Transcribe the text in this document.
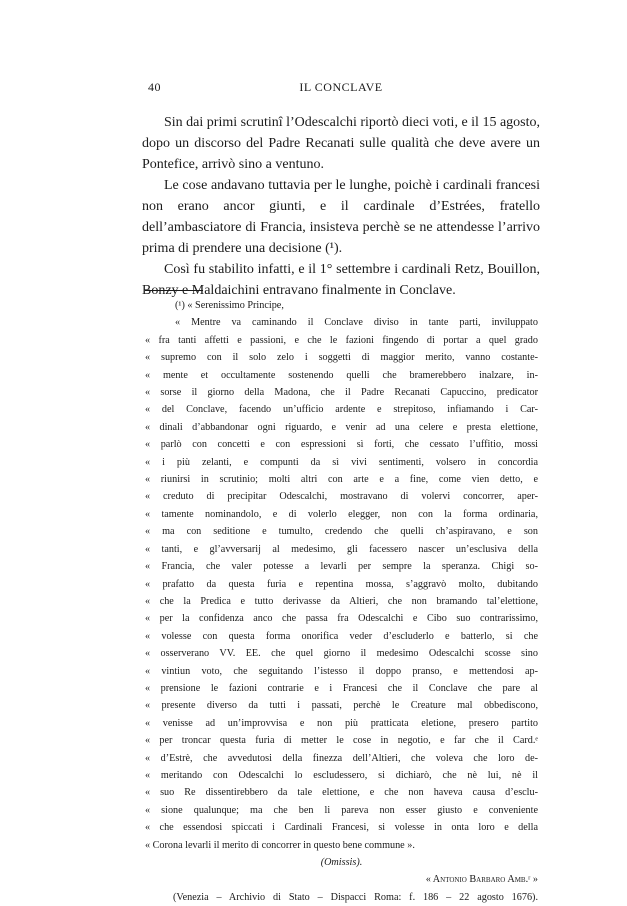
40	IL CONCLAVE

Sin dai primi scrutinî l’Odescalchi riportò dieci voti, e il 15 agosto, dopo un discorso del Padre Recanati sulle qualità che deve avere un Pontefice, arrivò sino a ventuno.

Le cose andavano tuttavia per le lunghe, poichè i cardinali francesi non erano ancor giunti, e il cardinale d’Estrées, fratello dell’ambasciatore di Francia, insisteva perchè se ne attendesse l’arrivo prima di prendere una decisione (¹).

Così fu stabilito infatti, e il 1° settembre i cardinali Retz, Bouillon, Bonzy e Maldaichini entravano finalmente in Conclave.

(¹) « Serenissimo Principe,
« Mentre va caminando il Conclave diviso in tante parti, inviluppato
« fra tanti affetti e passioni, e che le fazioni fingendo di portar a quel grado
« supremo con il solo zelo i soggetti di maggior merito, vanno costante-
« mente et occultamente sostenendo quelli che bramerebbero inalzare, in-
« sorse il giorno della Madona, che il Padre Recanati Capuccino, predicator
« del Conclave, facendo un’ufficio ardente e strepitoso, infiamando i Car-
« dinali d’abbandonar ogni riguardo, e venir ad una celere e presta elettione,
« parlò con concetti e con espressioni sì forti, che cessato l’uffitio, mossi
« i più zelanti, e compunti da sì vivi sentimenti, volsero in concordia
« riunirsi in scrutinio; molti altri con arte e a fine, come vien detto, e
« creduto di precipitar Odescalchi, mostravano di volervi concorrer, aper-
« tamente nominandolo, e di volerlo elegger, non con la forma ordinaria,
« ma con seditione e tumulto, credendo che quelli ch’aspiravano, e son
« tanti, e gl’avversarij al medesimo, gli facessero nascer un’esclusiva della
« Francia, che valer potesse a levarli per sempre la speranza. Chigi so-
« prafatto da questa furia e repentina mossa, s’aggravò molto, dubitando
« che la Predica e tutto derivasse da Altieri, che non bramando tal’elettione,
« per la confidenza anco che passa fra Odescalchi e Cibo suo contrarissimo,
« volesse con questa forma onorifica veder d’escluderlo e batterlo, si che
« osserverano VV. EE. che quel giorno il medesimo Odescalchi scosse sino
« vintiun voto, che seguitando l’istesso il doppo pranso, e mettendosi ap-
« prensione le fazioni contrarie e i Francesi che il Conclave che pare al
« presente diverso da tutti i passati, perchè le Creature mal obbediscono,
« venisse ad un’improvvisa e non più pratticata eletione, presero partito
« per troncar questa furia di metter le cose in negotio, e far che il Card.ᵉ
« d’Estrè, che avvedutosi della finezza dell’Altieri, che voleva che loro de-
« meritando con Odescalchi lo escludessero, si dichiarò, che nè lui, nè il
« suo Re dissentirebbero da tale elettione, e che non haveva causa d’esclu-
« sione qualunque; ma che ben li pareva non esser giusto e conveniente
« che essendosi spiccati i Cardinali Francesi, si volesse in onta loro e della
« Corona levarli il merito di concorrer in questo bene commune ».
(Omissis).
« Antonio Barbaro Amb.ʳ »
(Venezia – Archivio di Stato – Dispacci Roma: f. 186 – 22 agosto 1676).
